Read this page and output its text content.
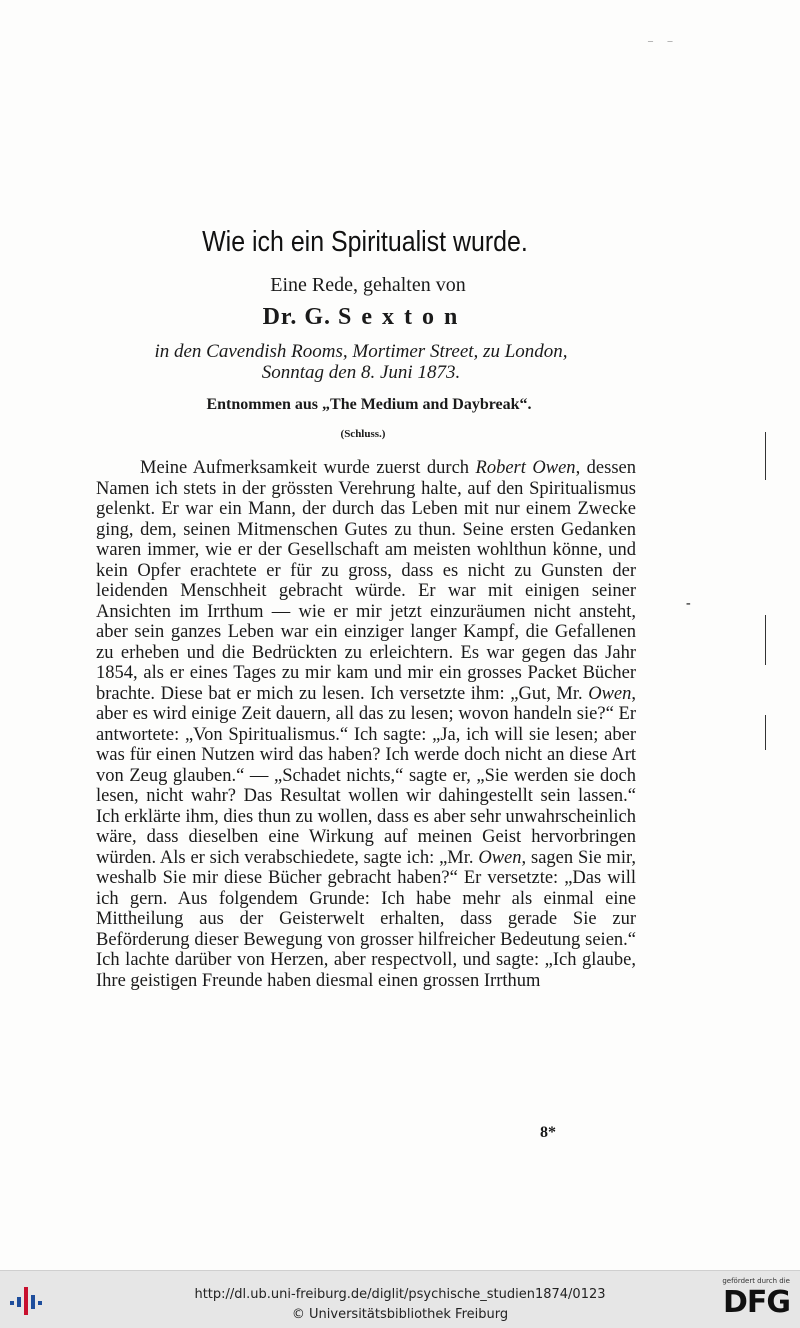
– –
Wie ich ein Spiritualist wurde.
Eine Rede, gehalten von
Dr. G. Sexton
in den Cavendish Rooms, Mortimer Street, zu London,
Sonntag den 8. Juni 1873.
Entnommen aus „The Medium and Daybreak“.
(Schluss.)
Meine Aufmerksamkeit wurde zuerst durch Robert Owen, dessen Namen ich stets in der grössten Verehrung halte, auf den Spiritualismus gelenkt. Er war ein Mann, der durch das Leben mit nur einem Zwecke ging, dem, seinen Mitmenschen Gutes zu thun. Seine ersten Gedanken waren immer, wie er der Gesellschaft am meisten wohlthun könne, und kein Opfer erachtete er für zu gross, dass es nicht zu Gunsten der leidenden Menschheit gebracht würde. Er war mit einigen seiner Ansichten im Irrthum — wie er mir jetzt einzuräumen nicht ansteht, aber sein ganzes Leben war ein einziger langer Kampf, die Gefallenen zu erheben und die Bedrückten zu erleichtern. Es war gegen das Jahr 1854, als er eines Tages zu mir kam und mir ein grosses Packet Bücher brachte. Diese bat er mich zu lesen. Ich versetzte ihm: „Gut, Mr. Owen, aber es wird einige Zeit dauern, all das zu lesen; wovon handeln sie?“ Er antwortete: „Von Spiritualismus.“ Ich sagte: „Ja, ich will sie lesen; aber was für einen Nutzen wird das haben? Ich werde doch nicht an diese Art von Zeug glauben.“ — „Schadet nichts,“ sagte er, „Sie werden sie doch lesen, nicht wahr? Das Resultat wollen wir dahingestellt sein lassen.“ Ich erklärte ihm, dies thun zu wollen, dass es aber sehr unwahrscheinlich wäre, dass dieselben eine Wirkung auf meinen Geist hervorbringen würden. Als er sich verabschiedete, sagte ich: „Mr. Owen, sagen Sie mir, weshalb Sie mir diese Bücher gebracht haben?“ Er versetzte: „Das will ich gern. Aus folgendem Grunde: Ich habe mehr als einmal eine Mittheilung aus der Geisterwelt erhalten, dass gerade Sie zur Beförderung dieser Bewegung von grosser hilfreicher Bedeutung seien.“ Ich lachte darüber von Herzen, aber respectvoll, und sagte: „Ich glaube, Ihre geistigen Freunde haben diesmal einen grossen Irrthum
8*
-
http://dl.ub.uni-freiburg.de/diglit/psychische_studien1874/0123
© Universitätsbibliothek Freiburg
gefördert durch die
DFG
